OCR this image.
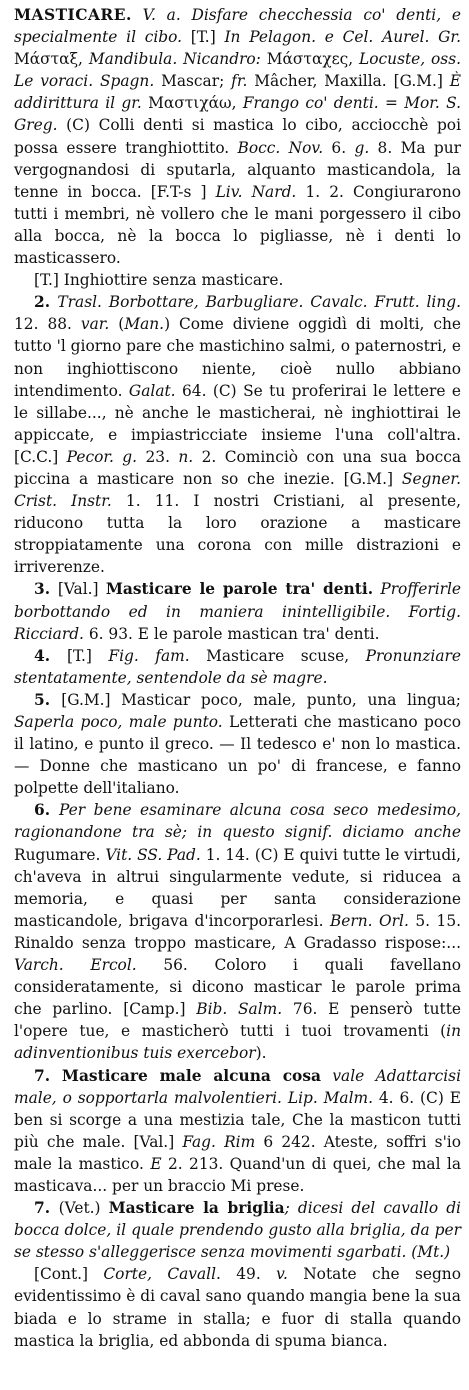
MASTICARE. V. a. Disfare checchessia co' denti, e specialmente il cibo. [T.] In Pelagon. e Cel. Aurel. Gr. Μάσταξ, Mandibula. Nicandro: Μάσταχες, Locuste, oss. Le voraci. Spagn. Mascar; fr. Mâcher, Maxilla. [G.M.] È addirittura il gr. Μαστιχάω, Frango co' denti. = Mor. S. Greg. (C) Colli denti si mastica lo cibo, acciocchè poi possa essere tranghiottito. Bocc. Nov. 6. g. 8. Ma pur vergognandosi di sputarla, alquanto masticandola, la tenne in bocca. [F.T-s ] Liv. Nard. 1. 2. Congiurarono tutti i membri, nè vollero che le mani porgessero il cibo alla bocca, nè la bocca lo pigliasse, nè i denti lo masticassero.

[T.] Inghiottire senza masticare.

2. Trasl. Borbottare, Barbugliare. Cavalc. Frutt. ling. 12. 88. var. (Man.) Come diviene oggidì di molti, che tutto 'l giorno pare che mastichino salmi, o paternostri, e non inghiottiscono niente, cioè nullo abbiano intendimento. Galat. 64. (C) Se tu proferirai le lettere e le sillabe..., nè anche le masticherai, nè inghiottirai le appiccate, e impiastricciate insieme l'una coll'altra. [C.C.] Pecor. g. 23. n. 2. Cominciò con una sua bocca piccina a masticare non so che inezie. [G.M.] Segner. Crist. Instr. 1. 11. I nostri Cristiani, al presente, riducono tutta la loro orazione a masticare stroppiatamente una corona con mille distrazioni e irriverenze.

3. [Val.] Masticare le parole tra' denti. Profferirle borbottando ed in maniera inintelligibile. Fortig. Ricciard. 6. 93. E le parole mastican tra' denti.

4. [T.] Fig. fam. Masticare scuse, Pronunziare stentatamente, sentendole da sè magre.

5. [G.M.] Masticar poco, male, punto, una lingua; Saperla poco, male punto. Letterati che masticano poco il latino, e punto il greco. — Il tedesco e' non lo mastica. — Donne che masticano un po' di francese, e fanno polpette dell'italiano.

6. Per bene esaminare alcuna cosa seco medesimo, ragionandone tra sè; in questo signif. diciamo anche Rugumare. Vit. SS. Pad. 1. 14. (C) E quivi tutte le virtudi, ch'aveva in altrui singularmente vedute, si riducea a memoria, e quasi per santa considerazione masticandole, brigava d'incorporarlesi. Bern. Orl. 5. 15. Rinaldo senza troppo masticare, A Gradasso rispose:... Varch. Ercol. 56. Coloro i quali favellano consideratamente, si dicono masticar le parole prima che parlino. [Camp.] Bib. Salm. 76. E penserò tutte l'opere tue, e masticherò tutti i tuoi trovamenti (in adinventionibus tuis exercebor).

7. Masticare male alcuna cosa vale Adattarcisi male, o sopportarla malvolentieri. Lip. Malm. 4. 6. (C) E ben si scorge a una mestizia tale, Che la masticon tutti più che male. [Val.] Fag. Rim 6 242. Ateste, soffri s'io male la mastico. E 2. 213. Quand'un di quei, che mal la masticava... per un braccio Mi prese.

7. (Vet.) Masticare la briglia; dicesi del cavallo di bocca dolce, il quale prendendo gusto alla briglia, da per se stesso s'alleggerisce senza movimenti sgarbati. (Mt.)

[Cont.] Corte, Cavall. 49. v. Notate che segno evidentissimo è di caval sano quando mangia bene la sua biada e lo strame in stalla; e fuor di stalla quando mastica la briglia, ed abbonda di spuma bianca.
